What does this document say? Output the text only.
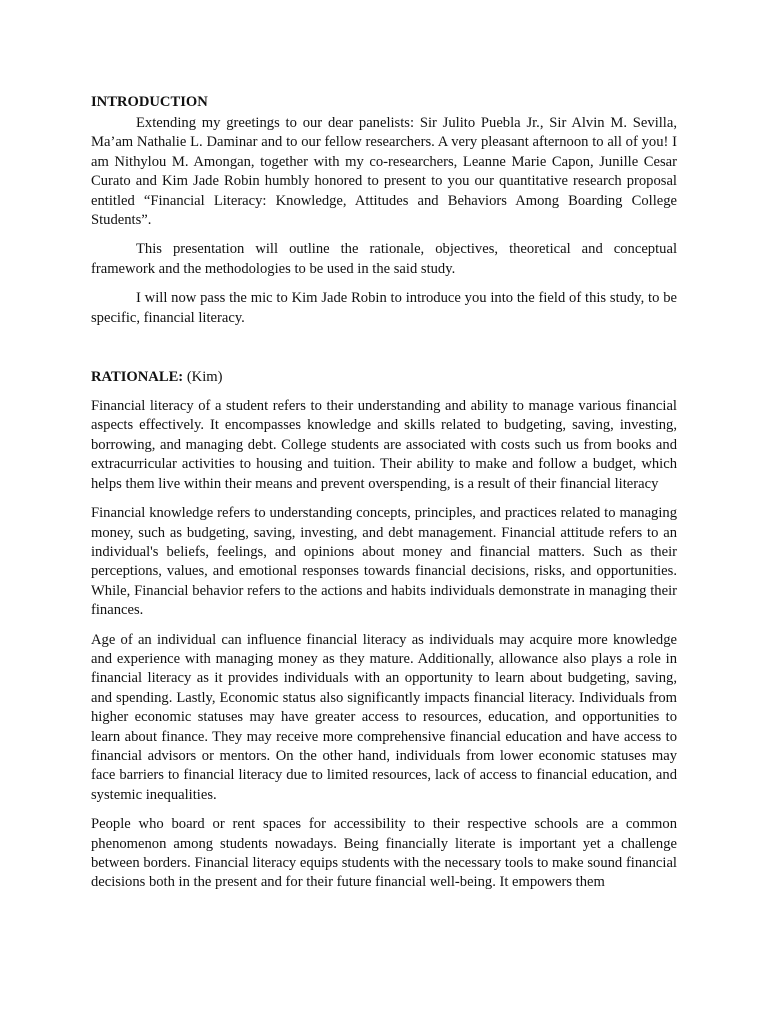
INTRODUCTION

Extending my greetings to our dear panelists: Sir Julito Puebla Jr., Sir Alvin M. Sevilla, Ma’am Nathalie L. Daminar and to our fellow researchers. A very pleasant afternoon to all of you! I am Nithylou M. Amongan, together with my co-researchers, Leanne Marie Capon, Junille Cesar Curato and Kim Jade Robin humbly honored to present to you our quantitative research proposal entitled “Financial Literacy: Knowledge, Attitudes and Behaviors Among Boarding College Students”.

This presentation will outline the rationale, objectives, theoretical and conceptual framework and the methodologies to be used in the said study.

I will now pass the mic to Kim Jade Robin to introduce you into the field of this study, to be specific, financial literacy.

RATIONALE: (Kim)

Financial literacy of a student refers to their understanding and ability to manage various financial aspects effectively. It encompasses knowledge and skills related to budgeting, saving, investing, borrowing, and managing debt. College students are associated with costs such us from books and extracurricular activities to housing and tuition. Their ability to make and follow a budget, which helps them live within their means and prevent overspending, is a result of their financial literacy

Financial knowledge refers to understanding concepts, principles, and practices related to managing money, such as budgeting, saving, investing, and debt management. Financial attitude refers to an individual's beliefs, feelings, and opinions about money and financial matters. Such as their perceptions, values, and emotional responses towards financial decisions, risks, and opportunities. While, Financial behavior refers to the actions and habits individuals demonstrate in managing their finances.

Age of an individual can influence financial literacy as individuals may acquire more knowledge and experience with managing money as they mature. Additionally, allowance also plays a role in financial literacy as it provides individuals with an opportunity to learn about budgeting, saving, and spending. Lastly, Economic status also significantly impacts financial literacy. Individuals from higher economic statuses may have greater access to resources, education, and opportunities to learn about finance. They may receive more comprehensive financial education and have access to financial advisors or mentors. On the other hand, individuals from lower economic statuses may face barriers to financial literacy due to limited resources, lack of access to financial education, and systemic inequalities.

People who board or rent spaces for accessibility to their respective schools are a common phenomenon among students nowadays. Being financially literate is important yet a challenge between borders. Financial literacy equips students with the necessary tools to make sound financial decisions both in the present and for their future financial well-being. It empowers them
